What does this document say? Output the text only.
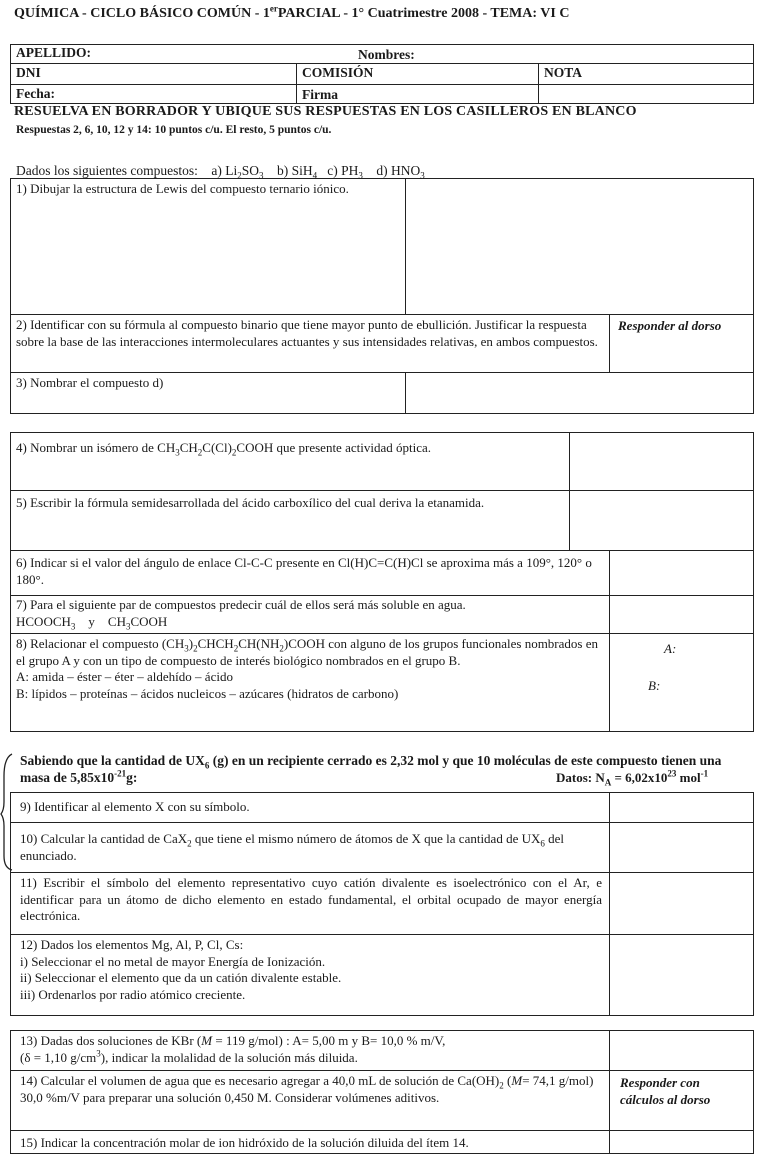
QUÍMICA - CICLO BÁSICO COMÚN - 1erPARCIAL - 1° Cuatrimestre 2008 - TEMA: VI C
APELLIDO:	Nombres:
DNI	COMISIÓN	NOTA
Fecha:	Firma
RESUELVA EN BORRADOR Y UBIQUE SUS RESPUESTAS EN LOS CASILLEROS EN BLANCO
Respuestas 2, 6, 10, 12 y 14: 10 puntos c/u. El resto, 5 puntos c/u.
Dados los siguientes compuestos: a) $Li_2SO_3$ b) SiH$_4$ c) $PH_3$ d) $HNO_3$
1) Dibujar la estructura de Lewis del compuesto ternario iónico.
2) Identificar con su fórmula al compuesto binario que tiene mayor punto de ebullición. Justificar la respuesta sobre la base de las interacciones intermoleculares actuantes y sus intensidades relativas, en ambos compuestos.
Responder al dorso
3) Nombrar el compuesto d)
4) Nombrar un isómero de $CH_3CH_2C(Cl)_2COOH$ que presente actividad óptica.
5) Escribir la fórmula semidesarrollada del ácido carboxílico del cual deriva la etanamida.
6) Indicar si el valor del ángulo de enlace Cl-C-C presente en Cl(H)C=C(H)Cl se aproxima más a 109°, 120° o 180°.
7) Para el siguiente par de compuestos predecir cuál de ellos será más soluble en agua.
$HCOOCH_3$ y $CH_3COOH$
8) Relacionar el compuesto $(CH_3)_2CHCH_2CH(NH_2)COOH$ con alguno de los grupos funcionales nombrados en el grupo A y con un tipo de compuesto de interés biológico nombrados en el grupo B.
A: amida – éster – éter – aldehído – ácido
B: lípidos – proteínas – ácidos nucleicos – azúcares (hidratos de carbono)
A:
B:
Sabiendo que la cantidad de $UX_6$ (g) en un recipiente cerrado es 2,32 mol y que 10 moléculas de este compuesto tienen una masa de $5,85x10^{-21}g$:	Datos: $N_A = 6,02x10^{23}$ mol$^{-1}$
9) Identificar al elemento X con su símbolo.
10) Calcular la cantidad de CaX$_2$ que tiene el mismo número de átomos de X que la cantidad de $UX_6$ del enunciado.
11) Escribir el símbolo del elemento representativo cuyo catión divalente es isoelectrónico con el Ar, e identificar para un átomo de dicho elemento en estado fundamental, el orbital ocupado de mayor energía electrónica.
12) Dados los elementos Mg, Al, P, Cl, Cs:
i) Seleccionar el no metal de mayor Energía de Ionización.
ii) Seleccionar el elemento que da un catión divalente estable.
iii) Ordenarlos por radio atómico creciente.
13) Dadas dos soluciones de KBr (M = 119 g/mol) : A= 5,00 m y B= 10,0 % m/V,
(δ = 1,10 $g/cm^3$), indicar la molalidad de la solución más diluida.
14) Calcular el volumen de agua que es necesario agregar a 40,0 mL de solución de $Ca(OH)_2$ (M= 74,1 g/mol) 30,0 %m/V para preparar una solución 0,450 M. Considerar volúmenes aditivos.
Responder con cálculos al dorso
15) Indicar la concentración molar de ion hidróxido de la solución diluida del ítem 14.
